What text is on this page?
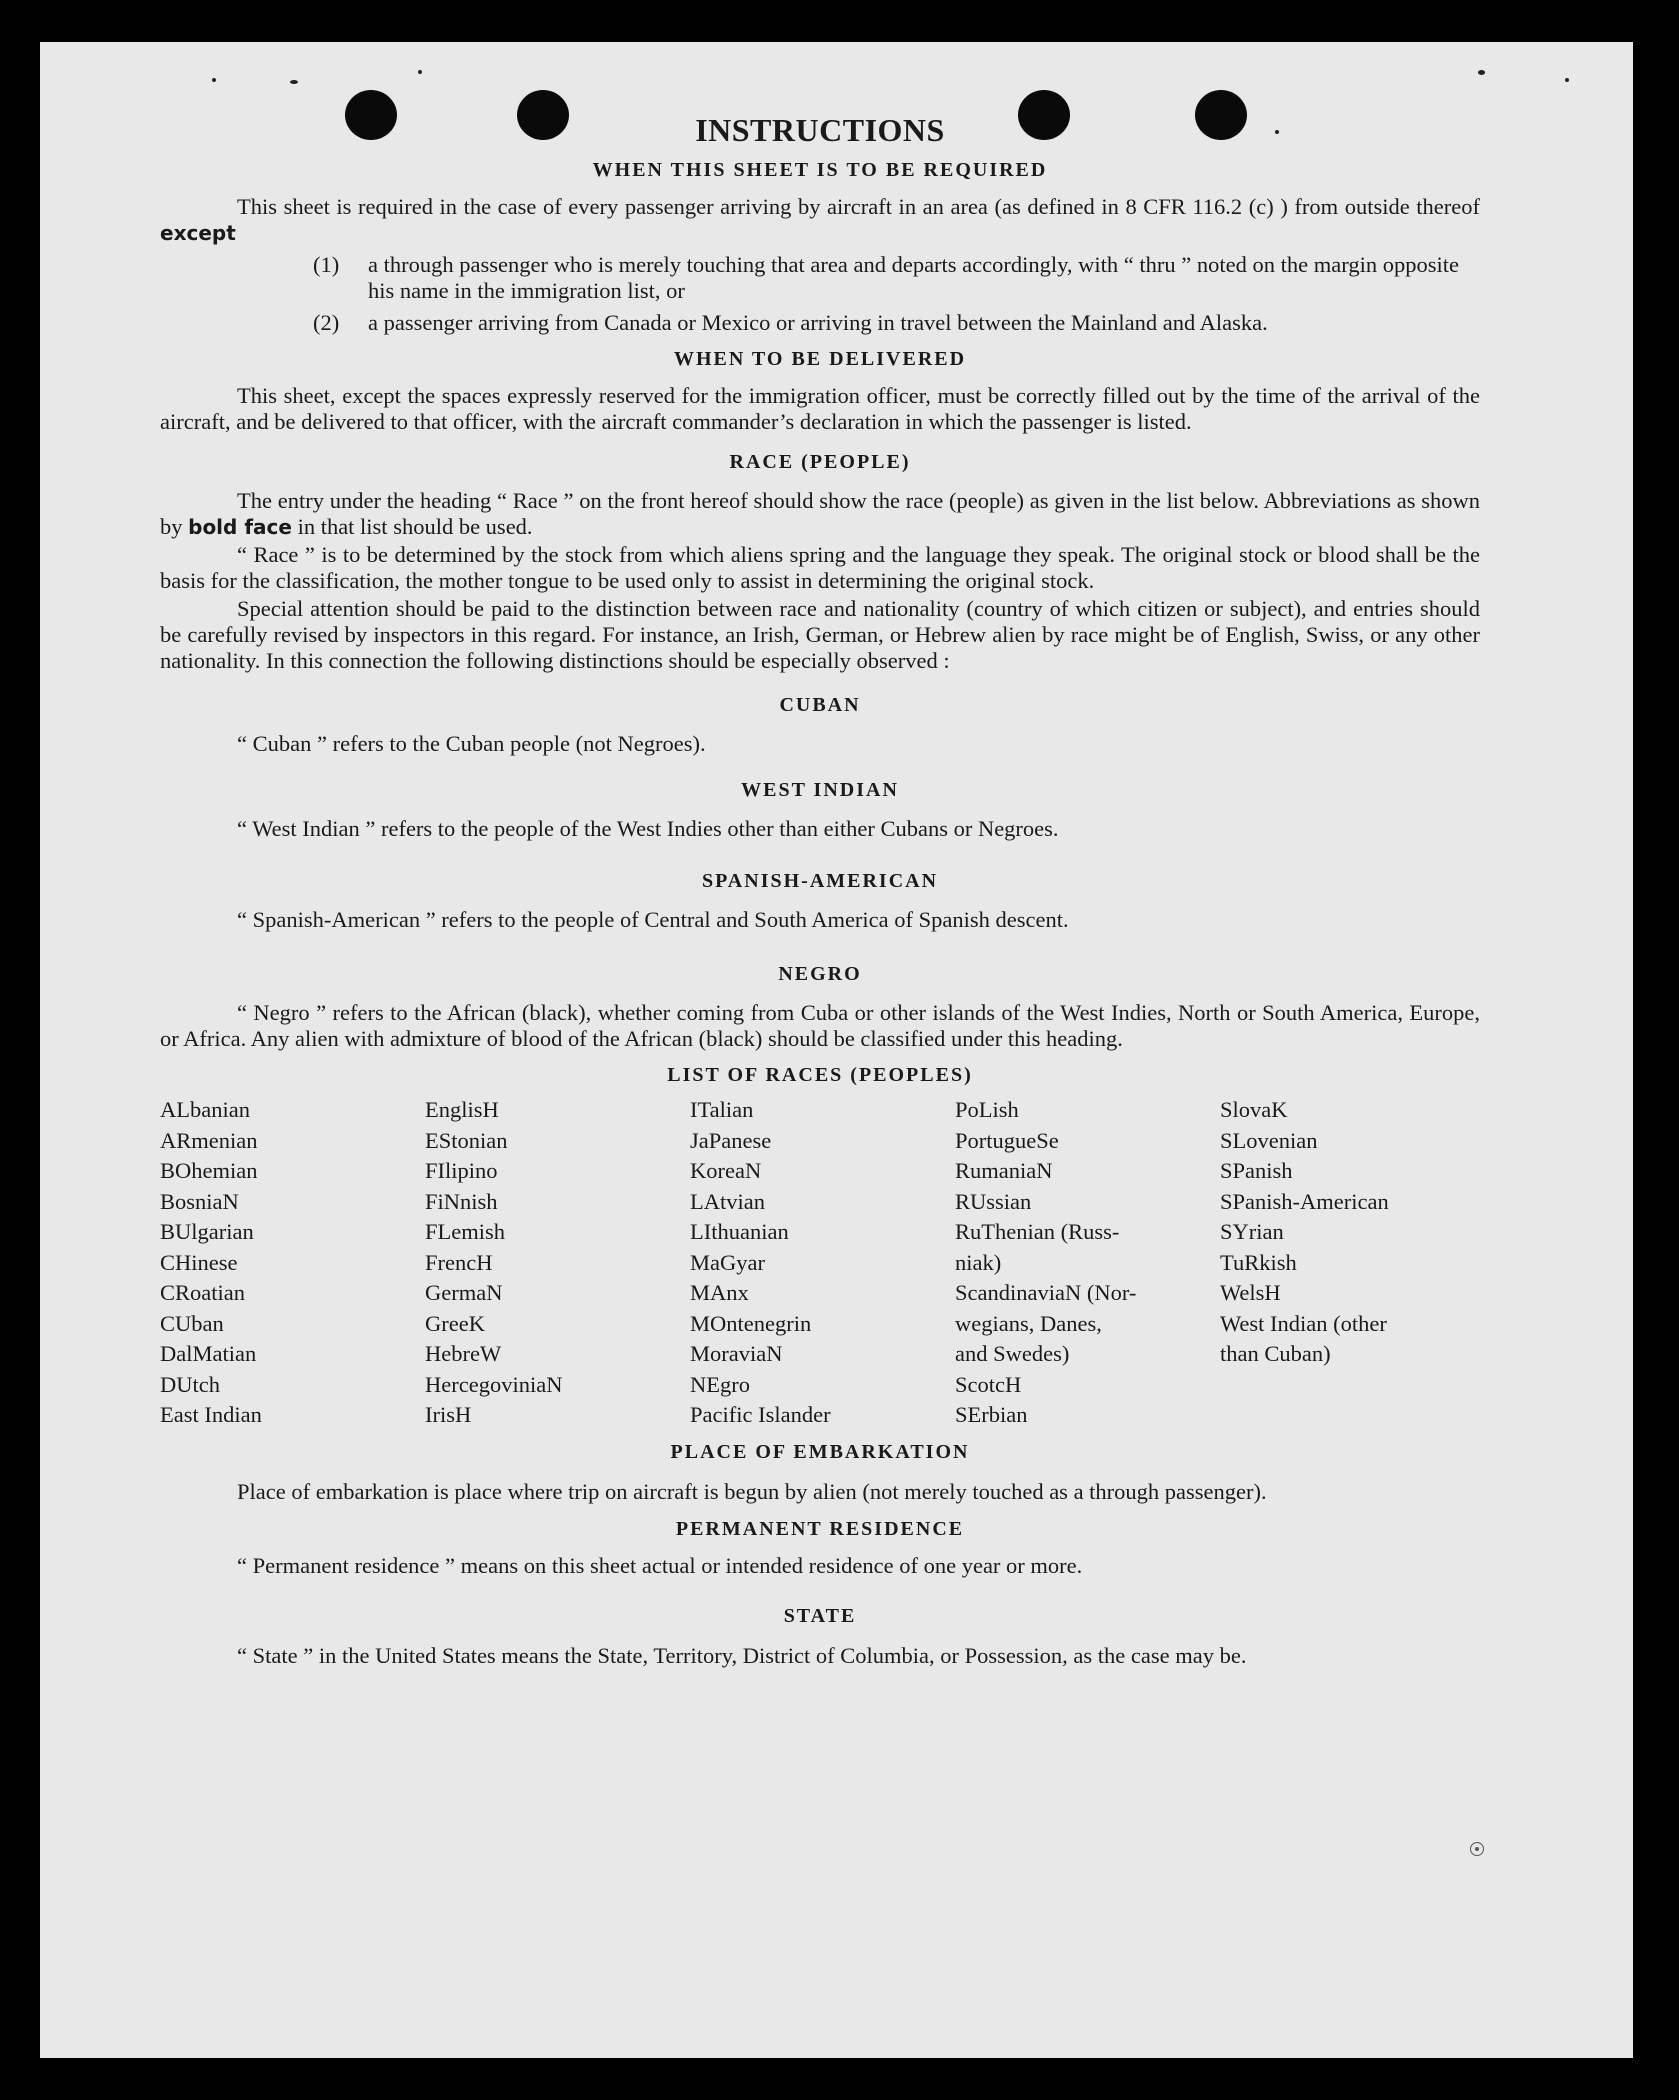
INSTRUCTIONS

WHEN THIS SHEET IS TO BE REQUIRED

This sheet is required in the case of every passenger arriving by aircraft in an area (as defined in 8 CFR 116.2 (c) ) from outside thereof except

(1)	a through passenger who is merely touching that area and departs accordingly, with “ thru ” noted on the margin opposite his name in the immigration list, or
(2)	a passenger arriving from Canada or Mexico or arriving in travel between the Mainland and Alaska.

WHEN TO BE DELIVERED

This sheet, except the spaces expressly reserved for the immigration officer, must be correctly filled out by the time of the arrival of the aircraft, and be delivered to that officer, with the aircraft commander’s declaration in which the passenger is listed.

RACE (PEOPLE)

The entry under the heading “ Race ” on the front hereof should show the race (people) as given in the list below. Abbreviations as shown by bold face in that list should be used.

“ Race ” is to be determined by the stock from which aliens spring and the language they speak. The original stock or blood shall be the basis for the classification, the mother tongue to be used only to assist in determining the original stock.

Special attention should be paid to the distinction between race and nationality (country of which citizen or subject), and entries should be carefully revised by inspectors in this regard. For instance, an Irish, German, or Hebrew alien by race might be of English, Swiss, or any other nationality. In this connection the following distinctions should be especially observed :

CUBAN

“ Cuban ” refers to the Cuban people (not Negroes).

WEST INDIAN

“ West Indian ” refers to the people of the West Indies other than either Cubans or Negroes.

SPANISH-AMERICAN

“ Spanish-American ” refers to the people of Central and South America of Spanish descent.

NEGRO

“ Negro ” refers to the African (black), whether coming from Cuba or other islands of the West Indies, North or South America, Europe, or Africa. Any alien with admixture of blood of the African (black) should be classified under this heading.

LIST OF RACES (PEOPLES)

ALbanian
ARmenian
BOhemian
BosniaN
BUlgarian
CHinese
CRoatian
CUban
DalMatian
DUtch
East Indian
EnglisH
EStonian
FIlipino
FiNnish
FLemish
FrencH
GermaN
GreeK
HebreW
HercegoviniaN
IrisH
ITalian
JaPanese
KoreaN
LAtvian
LIthuanian
MaGyar
MAnx
MOntenegrin
MoraviaN
NEgro
Pacific Islander
PoLish
PortugueSe
RumaniaN
RUssian
RuThenian (Russ-
niak)
ScandinaviaN (Nor-
wegians, Danes,
and Swedes)
ScotcH
SErbian
SlovaK
SLovenian
SPanish
SPanish-American
SYrian
TuRkish
WelsH
West Indian (other
than Cuban)

PLACE OF EMBARKATION

Place of embarkation is place where trip on aircraft is begun by alien (not merely touched as a through passenger).

PERMANENT RESIDENCE

“ Permanent residence ” means on this sheet actual or intended residence of one year or more.

STATE

“ State ” in the United States means the State, Territory, District of Columbia, or Possession, as the case may be.
